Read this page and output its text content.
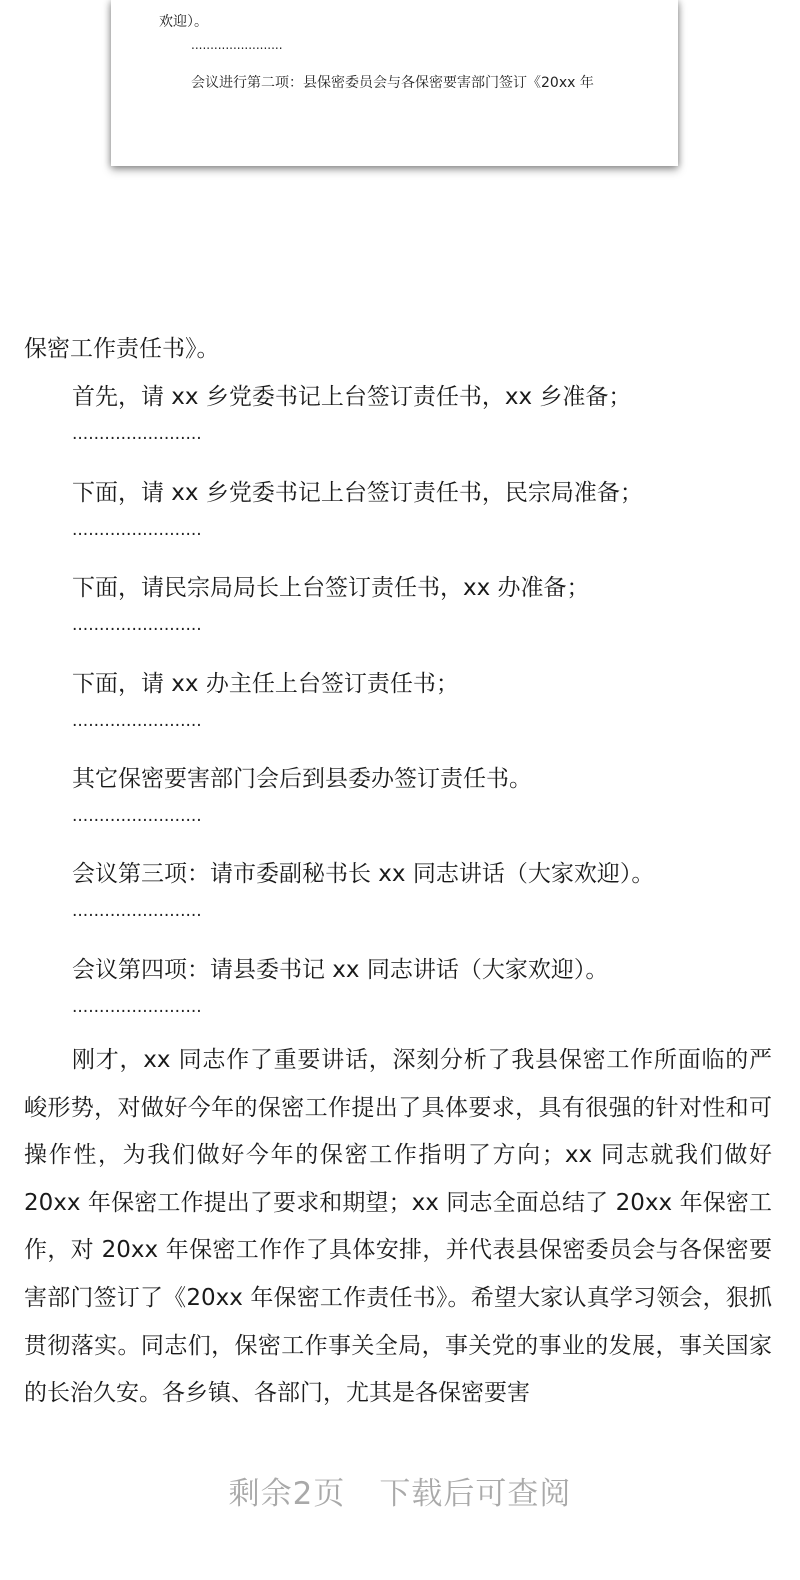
欢迎）。
........................
会议进行第二项：县保密委员会与各保密要害部门签订《20xx 年
保密工作责任书》。
首先，请 xx 乡党委书记上台签订责任书，xx 乡准备；
........................
下面，请 xx 乡党委书记上台签订责任书，民宗局准备；
........................
下面，请民宗局局长上台签订责任书，xx 办准备；
........................
下面，请 xx 办主任上台签订责任书；
........................
其它保密要害部门会后到县委办签订责任书。
........................
会议第三项：请市委副秘书长 xx 同志讲话（大家欢迎）。
........................
会议第四项：请县委书记 xx 同志讲话（大家欢迎）。
........................
刚才，xx 同志作了重要讲话，深刻分析了我县保密工作所面临的严峻形势，对做好今年的保密工作提出了具体要求，具有很强的针对性和可操作性，为我们做好今年的保密工作指明了方向；xx 同志就我们做好 20xx 年保密工作提出了要求和期望；xx 同志全面总结了 20xx 年保密工作，对 20xx 年保密工作作了具体安排，并代表县保密委员会与各保密要害部门签订了《20xx 年保密工作责任书》。希望大家认真学习领会，狠抓贯彻落实。同志们，保密工作事关全局，事关党的事业的发展，事关国家的长治久安。各乡镇、各部门，尤其是各保密要害
剩余2页 下载后可查阅
